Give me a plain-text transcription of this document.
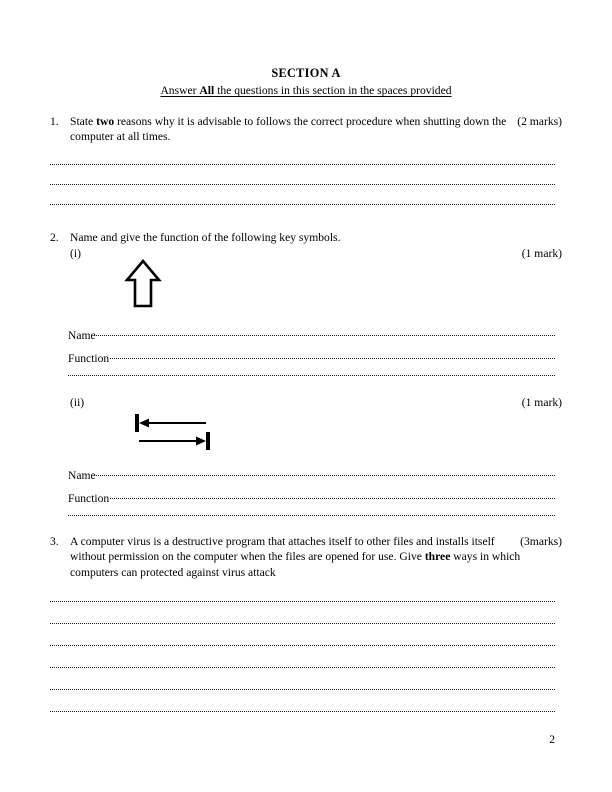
SECTION A
Answer All the questions in this section in the spaces provided
1.	(2 marks)
State two reasons why it is advisable to follows the correct procedure when shutting down the computer at all times.
2. Name and give the function of the following key symbols.
(1 mark)
(i)
Name
Function
(1 mark)
(ii)
Name
Function
3.	(3marks)
A computer virus is a destructive program that attaches itself to other files and installs itself without permission on the computer when the files are opened for use. Give three ways in which computers can protected against virus attack
2
